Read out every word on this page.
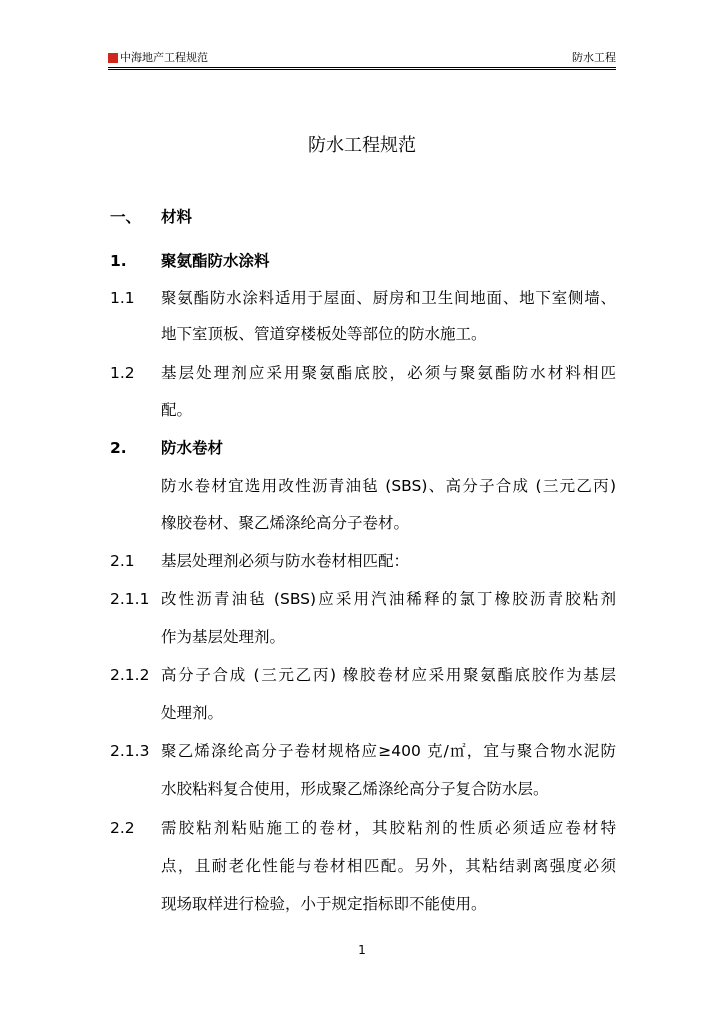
中海地产工程规范	防水工程
防水工程规范
一、 材料
1. 聚氨酯防水涂料
1.1 聚氨酯防水涂料适用于屋面、厨房和卫生间地面、地下室侧墙、
地下室顶板、管道穿楼板处等部位的防水施工。
1.2 基层处理剂应采用聚氨酯底胶，必须与聚氨酯防水材料相匹
配。
2. 防水卷材
防水卷材宜选用改性沥青油毡 (SBS)、高分子合成 (三元乙丙)
橡胶卷材、聚乙烯涤纶高分子卷材。
2.1 基层处理剂必须与防水卷材相匹配：
2.1.1 改性沥青油毡 (SBS)应采用汽油稀释的氯丁橡胶沥青胶粘剂
作为基层处理剂。
2.1.2 高分子合成 (三元乙丙) 橡胶卷材应采用聚氨酯底胶作为基层
处理剂。
2.1.3 聚乙烯涤纶高分子卷材规格应≥400 克/㎡，宜与聚合物水泥防
水胶粘料复合使用，形成聚乙烯涤纶高分子复合防水层。
2.2 需胶粘剂粘贴施工的卷材，其胶粘剂的性质必须适应卷材特
点，且耐老化性能与卷材相匹配。另外，其粘结剥离强度必须
现场取样进行检验，小于规定指标即不能使用。
1
